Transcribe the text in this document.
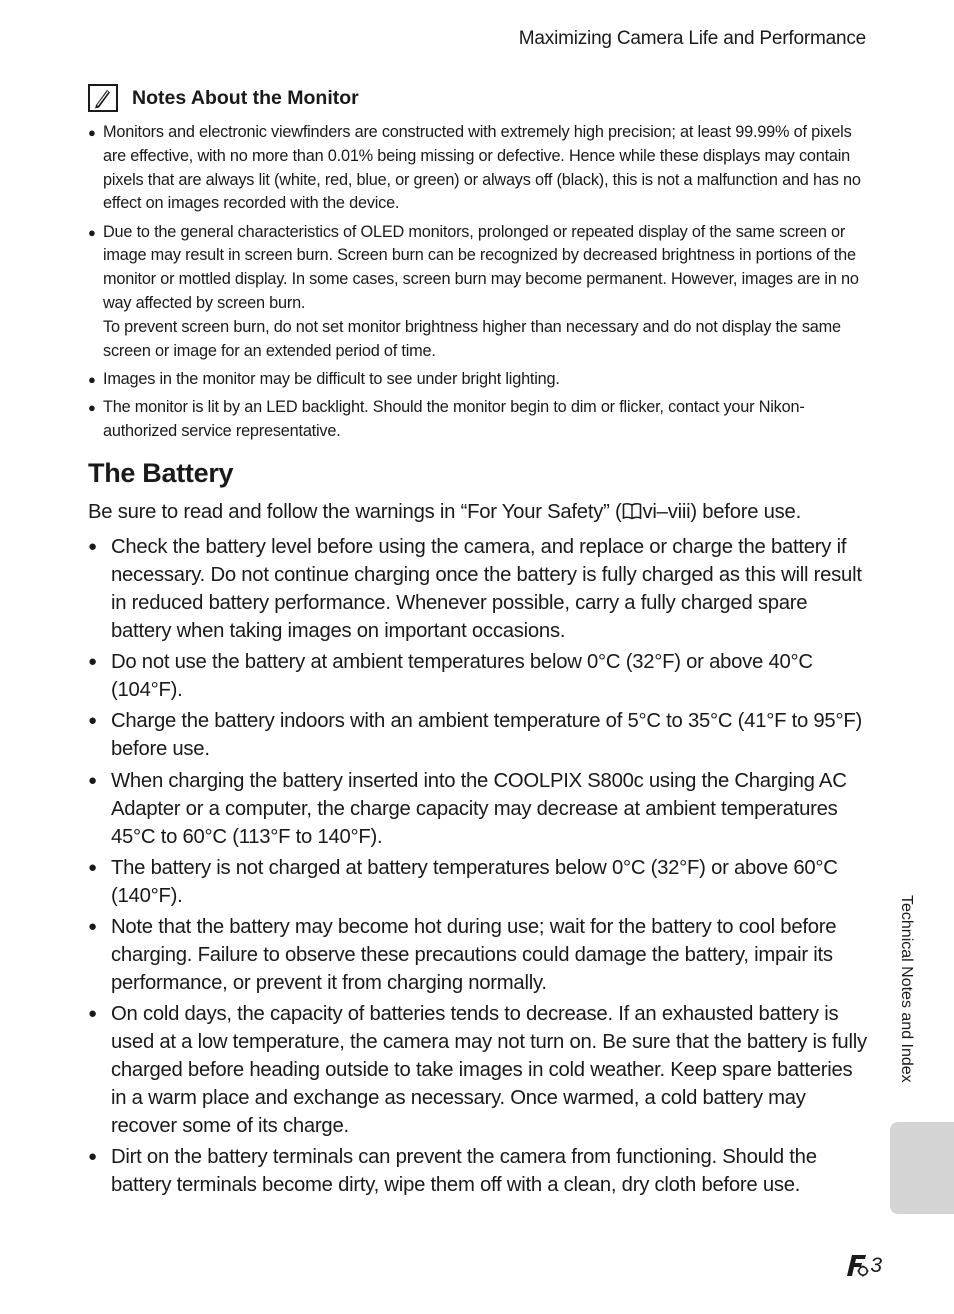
Maximizing Camera Life and Performance
Notes About the Monitor
● Monitors and electronic viewfinders are constructed with extremely high precision; at least 99.99% of pixels are effective, with no more than 0.01% being missing or defective. Hence while these displays may contain pixels that are always lit (white, red, blue, or green) or always off (black), this is not a malfunction and has no effect on images recorded with the device.
● Due to the general characteristics of OLED monitors, prolonged or repeated display of the same screen or image may result in screen burn. Screen burn can be recognized by decreased brightness in portions of the monitor or mottled display. In some cases, screen burn may become permanent. However, images are in no way affected by screen burn.
To prevent screen burn, do not set monitor brightness higher than necessary and do not display the same screen or image for an extended period of time.
● Images in the monitor may be difficult to see under bright lighting.
● The monitor is lit by an LED backlight. Should the monitor begin to dim or flicker, contact your Nikon-authorized service representative.
The Battery

Be sure to read and follow the warnings in “For Your Safety” ( vi–viii) before use.

● Check the battery level before using the camera, and replace or charge the battery if necessary. Do not continue charging once the battery is fully charged as this will result in reduced battery performance. Whenever possible, carry a fully charged spare battery when taking images on important occasions.
● Do not use the battery at ambient temperatures below 0°C (32°F) or above 40°C (104°F).
● Charge the battery indoors with an ambient temperature of 5°C to 35°C (41°F to 95°F) before use.
● When charging the battery inserted into the COOLPIX S800c using the Charging AC Adapter or a computer, the charge capacity may decrease at ambient temperatures 45°C to 60°C (113°F to 140°F).
● The battery is not charged at battery temperatures below 0°C (32°F) or above 60°C (140°F).
● Note that the battery may become hot during use; wait for the battery to cool before charging. Failure to observe these precautions could damage the battery, impair its performance, or prevent it from charging normally.
● On cold days, the capacity of batteries tends to decrease. If an exhausted battery is used at a low temperature, the camera may not turn on. Be sure that the battery is fully charged before heading outside to take images in cold weather. Keep spare batteries in a warm place and exchange as necessary. Once warmed, a cold battery may recover some of its charge.
● Dirt on the battery terminals can prevent the camera from functioning. Should the battery terminals become dirty, wipe them off with a clean, dry cloth before use.
Technical Notes and Index
3
